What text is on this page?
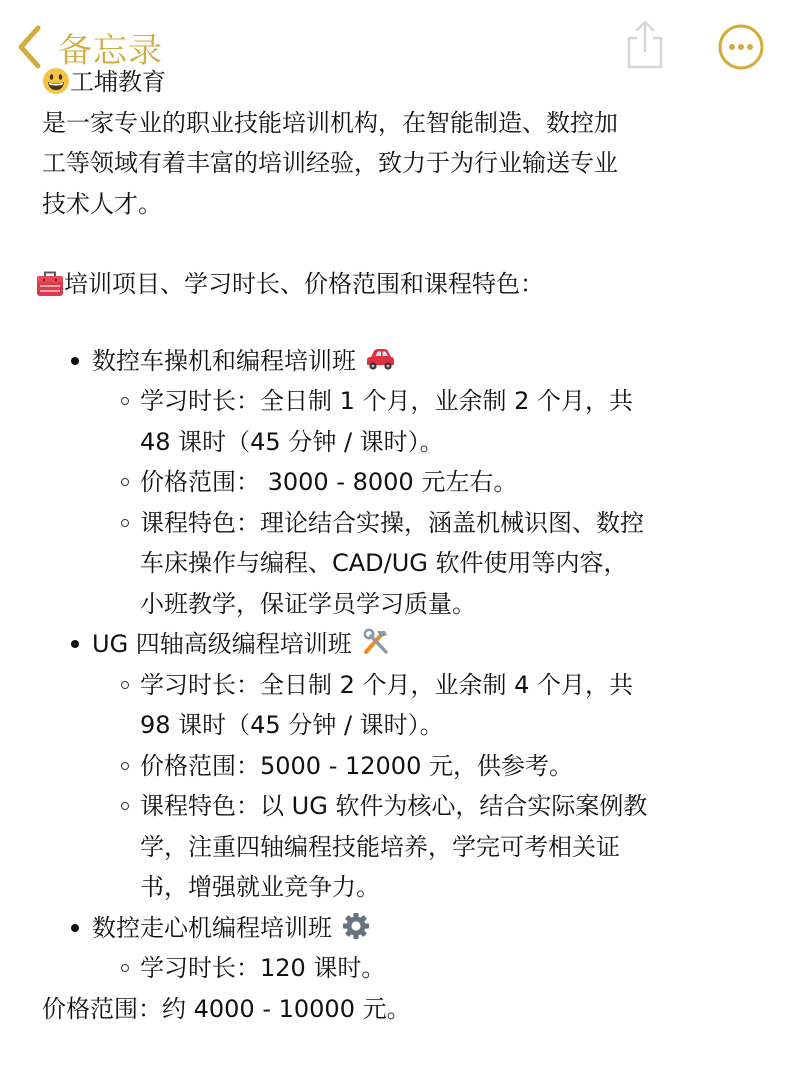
备忘录
工埔教育
是一家专业的职业技能培训机构，在智能制造、数控加
工等领域有着丰富的培训经验，致力于为行业输送专业
技术人才。
培训项目、学习时长、价格范围和课程特色：
数控车操机和编程培训班
学习时长：全日制 1 个月，业余制 2 个月，共
48 课时（45 分钟 / 课时）。
价格范围： 3000 - 8000 元左右。
课程特色：理论结合实操，涵盖机械识图、数控
车床操作与编程、CAD/UG 软件使用等内容，
小班教学，保证学员学习质量。
UG 四轴高级编程培训班
学习时长：全日制 2 个月，业余制 4 个月，共
98 课时（45 分钟 / 课时）。
价格范围：5000 - 12000 元，供参考。
课程特色：以 UG 软件为核心，结合实际案例教
学，注重四轴编程技能培养，学完可考相关证
书，增强就业竞争力。
数控走心机编程培训班
学习时长：120 课时。
价格范围：约 4000 - 10000 元。
